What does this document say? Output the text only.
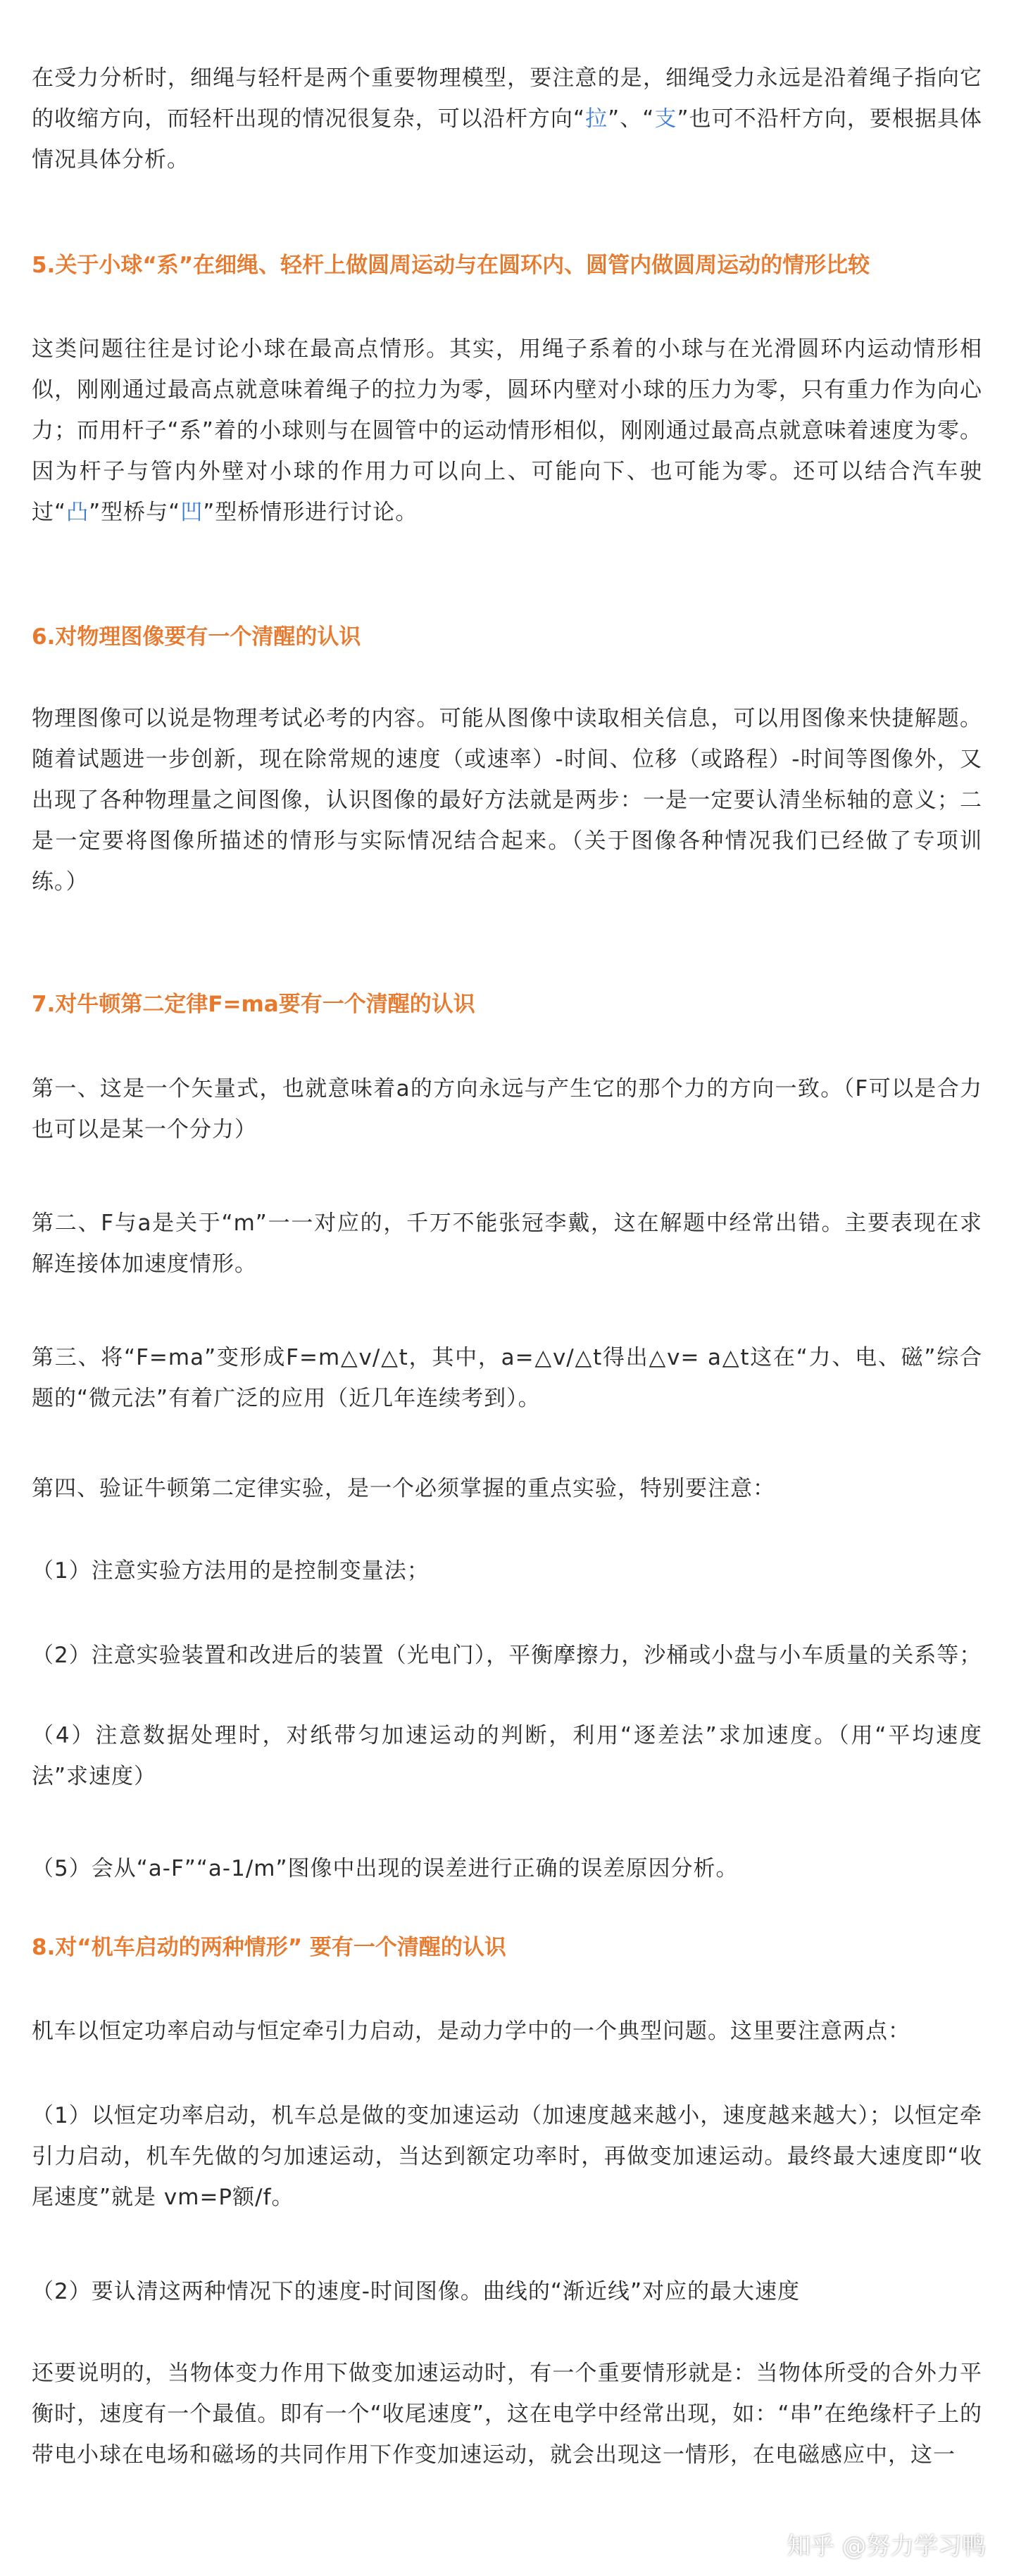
在受力分析时，细绳与轻杆是两个重要物理模型，要注意的是，细绳受力永远是沿着绳子指向它的收缩方向，而轻杆出现的情况很复杂，可以沿杆方向“拉”、“支”也可不沿杆方向，要根据具体情况具体分析。

5.关于小球“系”在细绳、轻杆上做圆周运动与在圆环内、圆管内做圆周运动的情形比较

这类问题往往是讨论小球在最高点情形。其实，用绳子系着的小球与在光滑圆环内运动情形相似，刚刚通过最高点就意味着绳子的拉力为零，圆环内壁对小球的压力为零，只有重力作为向心力；而用杆子“系”着的小球则与在圆管中的运动情形相似，刚刚通过最高点就意味着速度为零。因为杆子与管内外壁对小球的作用力可以向上、可能向下、也可能为零。还可以结合汽车驶过“凸”型桥与“凹”型桥情形进行讨论。

6.对物理图像要有一个清醒的认识

物理图像可以说是物理考试必考的内容。可能从图像中读取相关信息，可以用图像来快捷解题。随着试题进一步创新，现在除常规的速度（或速率）-时间、位移（或路程）-时间等图像外，又出现了各种物理量之间图像，认识图像的最好方法就是两步：一是一定要认清坐标轴的意义；二是一定要将图像所描述的情形与实际情况结合起来。（关于图像各种情况我们已经做了专项训练。）

7.对牛顿第二定律F=ma要有一个清醒的认识

第一、这是一个矢量式，也就意味着a的方向永远与产生它的那个力的方向一致。（F可以是合力也可以是某一个分力）

第二、F与a是关于“m”一一对应的，千万不能张冠李戴，这在解题中经常出错。主要表现在求解连接体加速度情形。

第三、将“F=ma”变形成F=m△v/△t，其中，a=△v/△t得出△v= a△t这在“力、电、磁”综合题的“微元法”有着广泛的应用（近几年连续考到）。

第四、验证牛顿第二定律实验，是一个必须掌握的重点实验，特别要注意：

（1）注意实验方法用的是控制变量法；

（2）注意实验装置和改进后的装置（光电门），平衡摩擦力，沙桶或小盘与小车质量的关系等；

（4）注意数据处理时，对纸带匀加速运动的判断，利用“逐差法”求加速度。（用“平均速度法”求速度）

（5）会从“a-F”“a-1/m”图像中出现的误差进行正确的误差原因分析。

8.对“机车启动的两种情形” 要有一个清醒的认识

机车以恒定功率启动与恒定牵引力启动，是动力学中的一个典型问题。这里要注意两点：

（1）以恒定功率启动，机车总是做的变加速运动（加速度越来越小，速度越来越大）；以恒定牵引力启动，机车先做的匀加速运动，当达到额定功率时，再做变加速运动。最终最大速度即“收尾速度”就是 vm=P额/f。

（2）要认清这两种情况下的速度-时间图像。曲线的“渐近线”对应的最大速度

还要说明的，当物体变力作用下做变加速运动时，有一个重要情形就是：当物体所受的合外力平衡时，速度有一个最值。即有一个“收尾速度”，这在电学中经常出现，如：“串”在绝缘杆子上的带电小球在电场和磁场的共同作用下作变加速运动，就会出现这一情形，在电磁感应中，这一

知乎 @努力学习鸭
